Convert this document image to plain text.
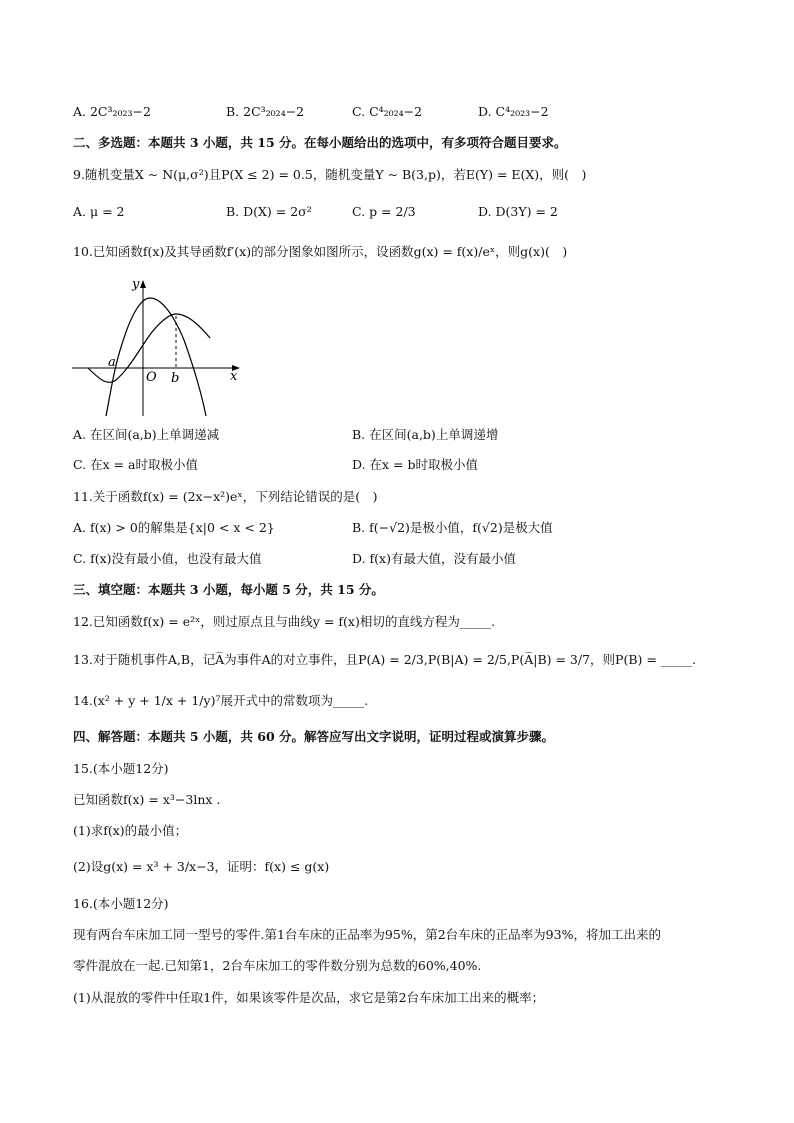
A. 2C³₂₀₂₃−2	B. 2C³₂₀₂₄−2	C. C⁴₂₀₂₄−2	D. C⁴₂₀₂₃−2
二、多选题：本题共 3 小题，共 15 分。在每小题给出的选项中，有多项符合题目要求。
9.随机变量X ∼ N(μ,σ²)且P(X ≤ 2) = 0.5，随机变量Y ∼ B(3,p)，若E(Y) = E(X)，则(　)
A. μ = 2	B. D(X) = 2σ²	C. p = 2/3	D. D(3Y) = 2
10.已知函数f(x)及其导函数f′(x)的部分图象如图所示，设函数g(x) = f(x)/eˣ，则g(x)(　)
y
x
a
O b
A. 在区间(a,b)上单调递减	B. 在区间(a,b)上单调递增
C. 在x = a时取极小值	D. 在x = b时取极小值
11.关于函数f(x) = (2x−x²)eˣ，下列结论错误的是(　)
A. f(x) > 0的解集是{x|0 < x < 2}	B. f(−√2)是极小值，f(√2)是极大值
C. f(x)没有最小值，也没有最大值	D. f(x)有最大值，没有最小值
三、填空题：本题共 3 小题，每小题 5 分，共 15 分。
12.已知函数f(x) = e²ˣ，则过原点且与曲线y = f(x)相切的直线方程为_____.
13.对于随机事件A,B，记A̅为事件A的对立事件，且P(A) = 2/3,P(B|A) = 2/5,P(A̅|B) = 3/7，则P(B) = _____.
14.(x² + y + 1/x + 1/y)⁷展开式中的常数项为_____.
四、解答题：本题共 5 小题，共 60 分。解答应写出文字说明，证明过程或演算步骤。
15.(本小题12分)
已知函数f(x) = x³−3lnx .
(1)求f(x)的最小值；
(2)设g(x) = x³ + 3/x−3，证明：f(x) ≤ g(x)
16.(本小题12分)
现有两台车床加工同一型号的零件.第1台车床的正品率为95%，第2台车床的正品率为93%，将加工出来的
零件混放在一起.已知第1，2台车床加工的零件数分别为总数的60%,40%.
(1)从混放的零件中任取1件，如果该零件是次品，求它是第2台车床加工出来的概率；
